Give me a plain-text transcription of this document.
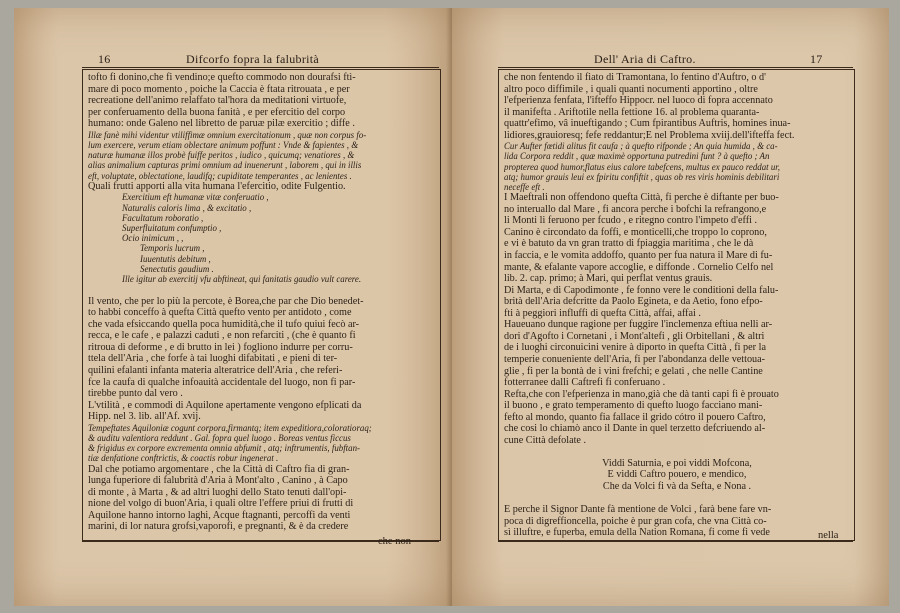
16	Difcorfo fopra la falubrità

tofto fi donino,che fi vendino;e quefto commodo non dourafsi ftì-

mare di poco momento , poiche la Caccia è ftata ritrouata , e per

recreatione dell'animo relaffato tal'hora da meditationi virtuofe,

per conferuamento della buona fanità , e per efercitio del corpo

humano: onde Galeno nel libretto de paruæ pilæ exercitio ; diffe .

Illæ fanè mihi videntur vtiliffimæ omnium exercitationum , quæ non corpus fo-

lum exercere, verum etiam oblectare animum poffunt : Vnde & fapientes , &

naturæ humanæ illos probè fuiffe peritos , iudico , quicumq; venatiores , &

alias animalium capturas primi omnium ad inuenerunt , laborem , qui in illis

eft, voluptate, oblectatione, laudifq; cupiditate temperantes , ac lenientes .

Quali frutti apporti alla vita humana l'efercitio, odite Fulgentio.

Exercitium eft humanæ vitæ conferuatio ,

Naturalis caloris lima , & excitatio ,

Facultatum roboratio ,

Superfluitatum confumptio ,

Ocio inimicum , ,

Temporis lucrum ,

Iuuentutis debitum ,

Senectutis gaudium .

Ille igitur ab exercitij vfu abftineat, qui fanitatis gaudio vult carere.

Il vento, che per lo più la percote, è Borea,che par che Dio benedet-

to habbi conceffo à quefta Città quefto vento per antidoto , come

che vada efsiccando quella poca humidità,che il tufo quiui fecò ar-

recca, e le cafe , e palazzi caduti , e non refarciti , (che è quanto fi

ritroua di deforme , e di brutto in lei ) fogliono indurre per corru-

ttela dell'Aria , che forfe à tai luoghi difabitati , e pieni di ter-

quilini efalanti infanta materia alteratrice dell'Aria , che referi-

fce la caufa di qualche infoauità accidentale del luogo, non fi par-

tirebbe punto dal vero .

L'vtilità , e commodi di Aquilone apertamente vengono efplicati da

Hipp. nel 3. lib. all'Af. xvij.

Tempeftates Aquiloniæ cogunt corpora,firmantq; item expeditiora,coloratioraq;

& auditu valentiora reddunt . Gal. fopra quel luogo . Boreas ventus ficcus

& frigidus ex corpore excrementa omnia abfumit , atq; inftrumentis, fubftan-

tiæ denfatione conftrictis, & coactis robur ingenerat .

Dal che potiamo argomentare , che la Città di Caftro fia di gran-

lunga fuperiore di falubrità d'Aria à Mont'alto , Canino , à Capo

di monte , à Marta , & ad altri luoghi dello Stato tenuti dall'opi-

nione del volgo di buon'Aria, i quali oltre l'effere priui di frutti di

Aquilone hanno intorno laghi, Acque ftagnanti, percoffi da venti

marini, di lor natura grofsi,vaporofi, e pregnanti, & è da credere

che non
Dell' Aria di Caftro.	17

che non fentendo il fiato di Tramontana, lo fentino d'Auftro, o d'

altro poco diffimile , i quali quanti nocumenti apportino , oltre

l'efperienza fenfata, l'ifteffo Hippocr. nel luoco di fopra accennato

il manifefta . Ariftotile nella fettione 16. al problema quaranta-

quattr'efimo, vâ inueftigando ; Cum fpirantibus Auftris, homines inua-

lidiores,grauioresq; fefe reddantur;E nel Problema xviij.dell'ifteffa fect.

Cur Aufter fœtidi alitus fit caufa ; à quefto rifponde ; An quia humida , & ca-

lida Corpora reddit , quæ maximè opportuna putredini funt ? à quefto ; An

propterea quod humor,flatus eius calore tabefcens, multus ex pauco reddat ur,

atq; humor grauis leui ex fpiritu confiftit , quas ob res viris hominis debilitari

neceffe eft .

I Maeftrali non offendono quefta Città, fi perche è diftante per buo-

no interuallo dal Mare , fi ancora perche i bofchi la refrangono,e

li Monti li feruono per fcudo , e ritegno contro l'impeto d'effi .

Canino è circondato da foffi, e monticelli,che troppo lo coprono,

e vi è batuto da vn gran tratto di fpiaggia maritima , che le dà

in faccia, e le vomita addoffo, quanto per fua natura il Mare di fu-

mante, & efalante vapore accoglie, e diffonde . Cornelio Celfo nel

lib. 2. cap. primo; à Mari, qui perflat ventus grauis.

Di Marta, e di Capodimonte , fe fonno vere le conditioni della falu-

brità dell'Aria defcritte da Paolo Egineta, e da Aetio, fono efpo-

fti à peggiori influffi di quefta Città, affai, affai .

Haueuano dunque ragione per fuggire l'inclemenza eftiua nelli ar-

dori d'Agofto i Cornetani , i Mont'altefi , gli Orbitellani , & altri

de i luoghi circonuicini venire à diporto in quefta Città , fi per la

temperie conueniente dell'Aria, fi per l'abondanza delle vettoua-

glie , fi per la bontà de i vini frefchi; e gelati , che nelle Cantine

fotterranee dalli Caftrefi fi conferuano .

Refta,che con l'efperienza in mano,già che dà tanti capi fi è prouato

il buono , e grato temperamento di quefto luogo facciano mani-

fefto al mondo, quanto fia fallace il grido cótro il pouero Caftro,

che cosi lo chiamò anco il Dante in quel terzetto defcriuendo al-

cune Città defolate .

Viddi Saturnia, e poi viddi Mofcona,

E viddi Caftro pouero, e mendico,

Che da Volci fi và da Sefta, e Nona .

E perche il Signor Dante fà mentione de Volci , farà bene fare vn-

poca di digreffioncella, poiche è pur gran cofa, che vna Città co-

sì illuftre, e fuperba, emula della Nation Romana, fi come fi vede	nella
